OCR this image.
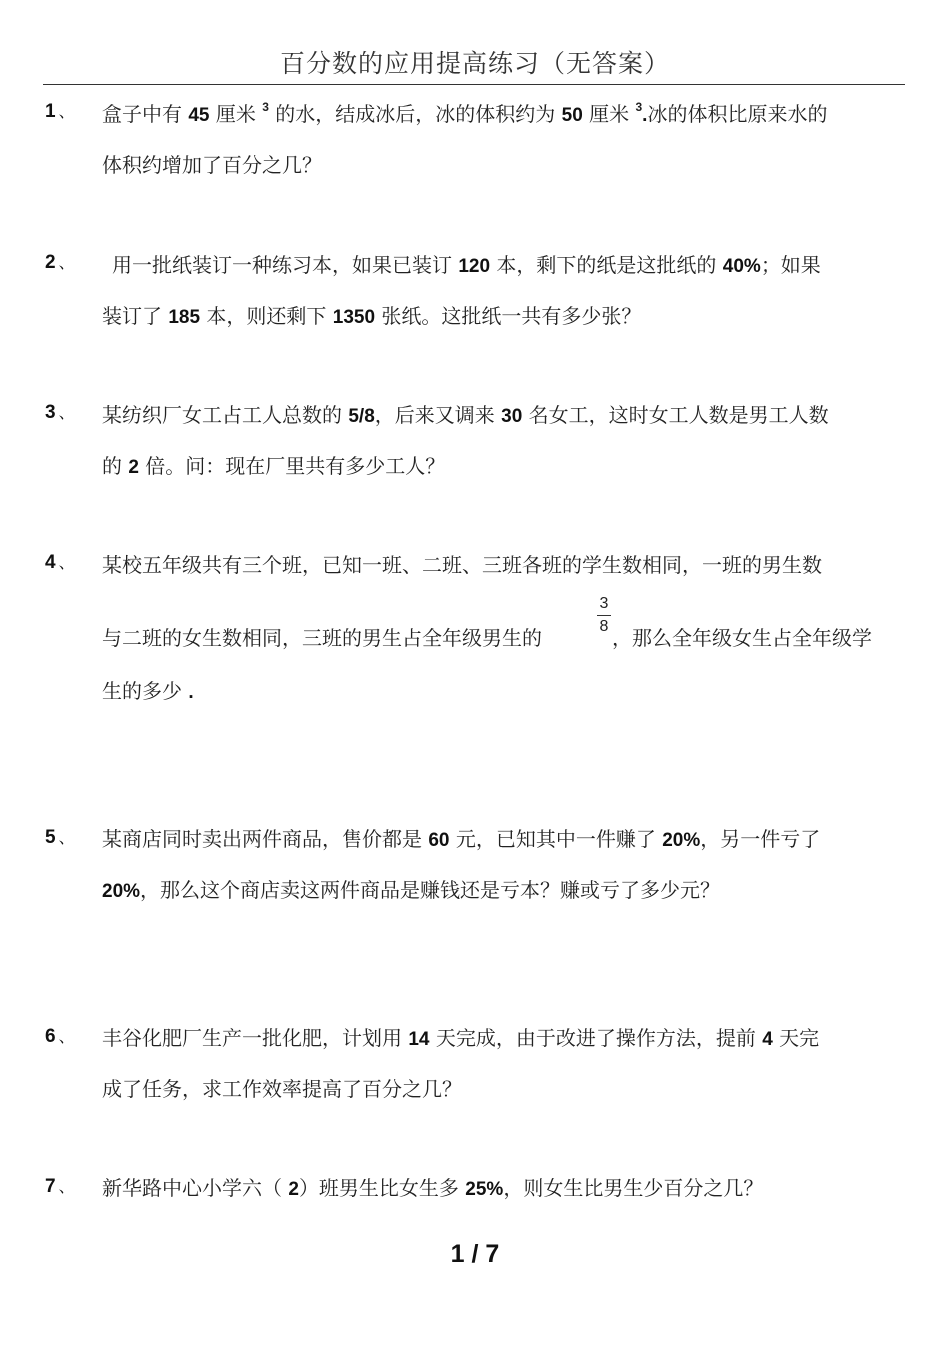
百分数的应用提高练习（无答案）
1 、 盒子中有 45 厘米 $^3$ 的水，结成冰后，冰的体积约为 50 厘米 $^3$.冰的体积比原来水的
体积约增加了百分之几？
2 、 用一批纸装订一种练习本，如果已装订 120 本，剩下的纸是这批纸的 40%；如果
装订了 185 本，则还剩下 1350 张纸。这批纸一共有多少张？
3 、 某纺织厂女工占工人总数的 5/8，后来又调来 30 名女工，这时女工人数是男工人数
的 2 倍。问：现在厂里共有多少工人？
4 、 某校五年级共有三个班，已知一班、二班、三班各班的学生数相同，一班的男生数
与二班的女生数相同，三班的男生占全年级男生的
3
8 ，那么全年级女生占全年级学
生的多少 .
5 、 某商店同时卖出两件商品，售价都是 60 元，已知其中一件赚了 20%，另一件亏了
20%，那么这个商店卖这两件商品是赚钱还是亏本？赚或亏了多少元？
6 、 丰谷化肥厂生产一批化肥，计划用 14 天完成，由于改进了操作方法，提前 4 天完
成了任务，求工作效率提高了百分之几？
7 、 新华路中心小学六（ 2）班男生比女生多 25%，则女生比男生少百分之几？
1 / 7
